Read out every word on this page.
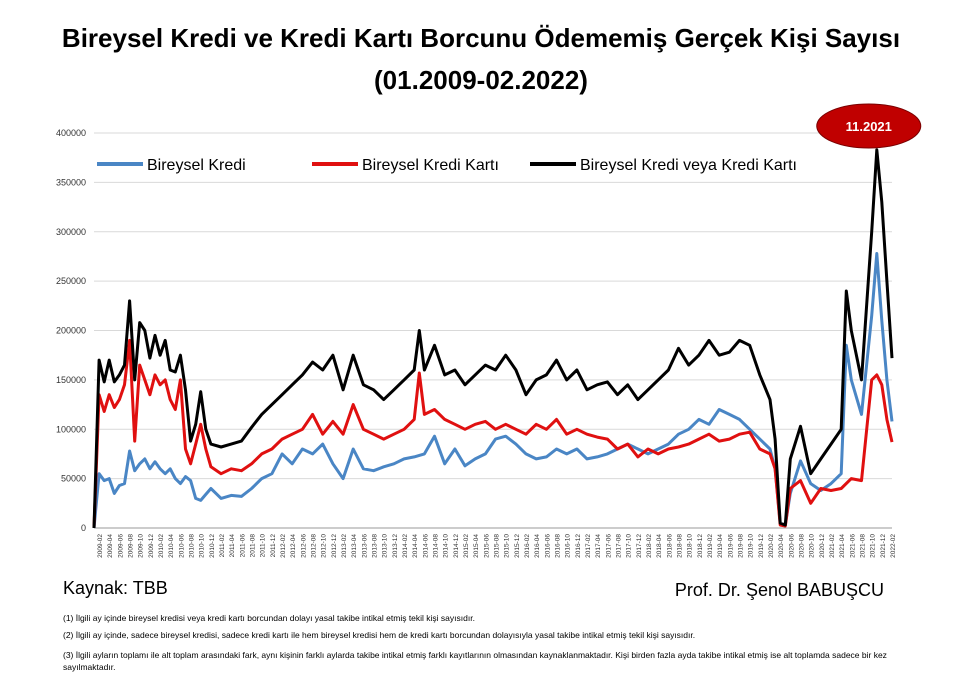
Bireysel Kredi ve Kredi Kartı Borcunu Ödememiş Gerçek Kişi Sayısı
(01.2009-02.2022)
0
50000
100000
150000
200000
250000
300000
350000
400000
2009-02 2009-04 2009-06 2009-08 2009-10 2009-12 2010-02 2010-04 2010-06 2010-08 2010-10 2010-12 2011-02 2011-04 2011-06 2011-08 2011-10 2011-12 2012-02 2012-04 2012-06 2012-08 2012-10 2012-12 2013-02 2013-04 2013-06 2013-08 2013-10 2013-12 2014-02 2014-04 2014-06 2014-08 2014-10 2014-12 2015-02 2015-04 2015-06 2015-08 2015-10 2015-12 2016-02 2016-04 2016-06 2016-08 2016-10 2016-12 2017-02 2017-04 2017-06 2017-08 2017-10 2017-12 2018-02 2018-04 2018-06 2018-08 2018-10 2018-12 2019-02 2019-04 2019-06 2019-08 2019-10 2019-12 2020-02 2020-04 2020-06 2020-08 2020-10 2020-12 2021-02 2021-04 2021-06 2021-08 2021-10 2021-12 2022-02
Bireysel Kredi	Bireysel Kredi Kartı	Bireysel Kredi veya Kredi Kartı
11.2021
Kaynak: TBB	Prof. Dr. Şenol BABUŞCU
(1) İlgili ay içinde bireysel kredisi veya kredi kartı borcundan dolayı yasal takibe intikal etmiş tekil kişi sayısıdır.
(2) İlgili ay içinde, sadece bireysel kredisi, sadece kredi kartı ile hem bireysel kredisi hem de kredi kartı borcundan dolayısıyla yasal takibe intikal etmiş tekil kişi sayısıdır.
(3) İlgili ayların toplamı ile alt toplam arasındaki fark, aynı kişinin farklı aylarda takibe intikal etmiş farklı kayıtlarının olmasından kaynaklanmaktadır. Kişi birden fazla ayda takibe intikal etmiş ise alt toplamda sadece bir kez sayılmaktadır.
